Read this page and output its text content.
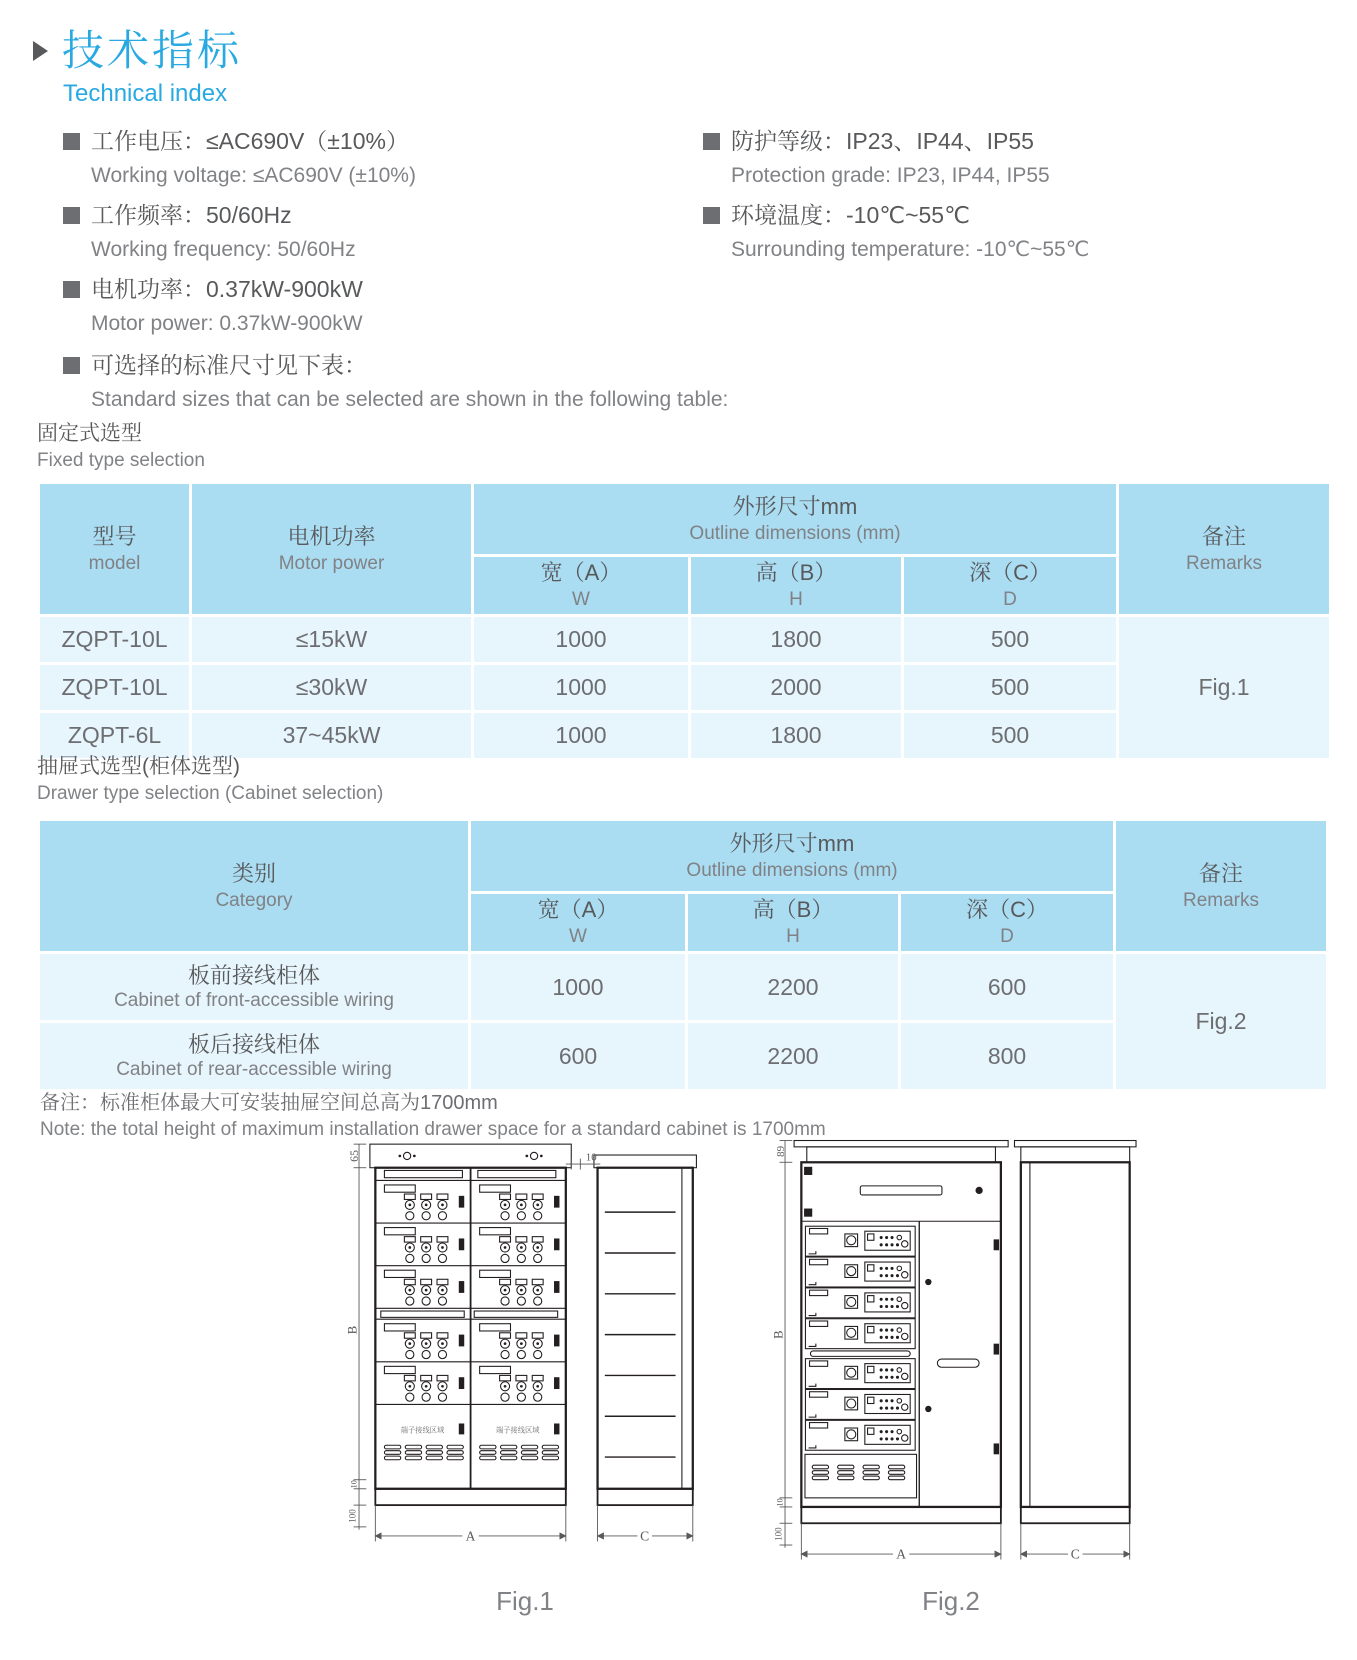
技术指标
Technical index
工作电压：≤AC690V（±10%）
Working voltage: ≤AC690V (±10%)
工作频率：50/60Hz
Working frequency: 50/60Hz
电机功率：0.37kW-900kW
Motor power: 0.37kW-900kW
可选择的标准尺寸见下表：
Standard sizes that can be selected are shown in the following table:
防护等级：IP23、IP44、IP55
Protection grade: IP23, IP44, IP55
环境温度：-10℃~55℃
Surrounding temperature: -10℃~55℃
固定式选型
Fixed type selection
型号
model

电机功率
Motor power

外形尺寸mm
Outline dimensions (mm)	备注
Remarks

宽（A）
W

高（B）
H

深（C）
D

ZQPT-10L	≤15kW	1000	1800	500	Fig.1
ZQPT-10L	≤30kW	1000	2000	500	
ZQPT-6L	37~45kW	1000	1800	500	
抽屉式选型(柜体选型)
Drawer type selection (Cabinet selection)
类别
Category

外形尺寸mm
Outline dimensions (mm)	备注
Remarks

宽（A）
W

高（B）
H

深（C）
D

板前接线柜体
Cabinet of front-accessible wiring	1000	2200	600	Fig.2

板后接线柜体
Cabinet of rear-accessible wiring	600	2200	800	
备注：标准柜体最大可安装抽屉空间总高为1700mm
Note: the total height of maximum installation drawer space for a standard cabinet is 1700mm
65
B
10
100
10
A	C
端子接线区域	端子接线区域
Fig.1
89
B
10
100
A	C
Fig.2
